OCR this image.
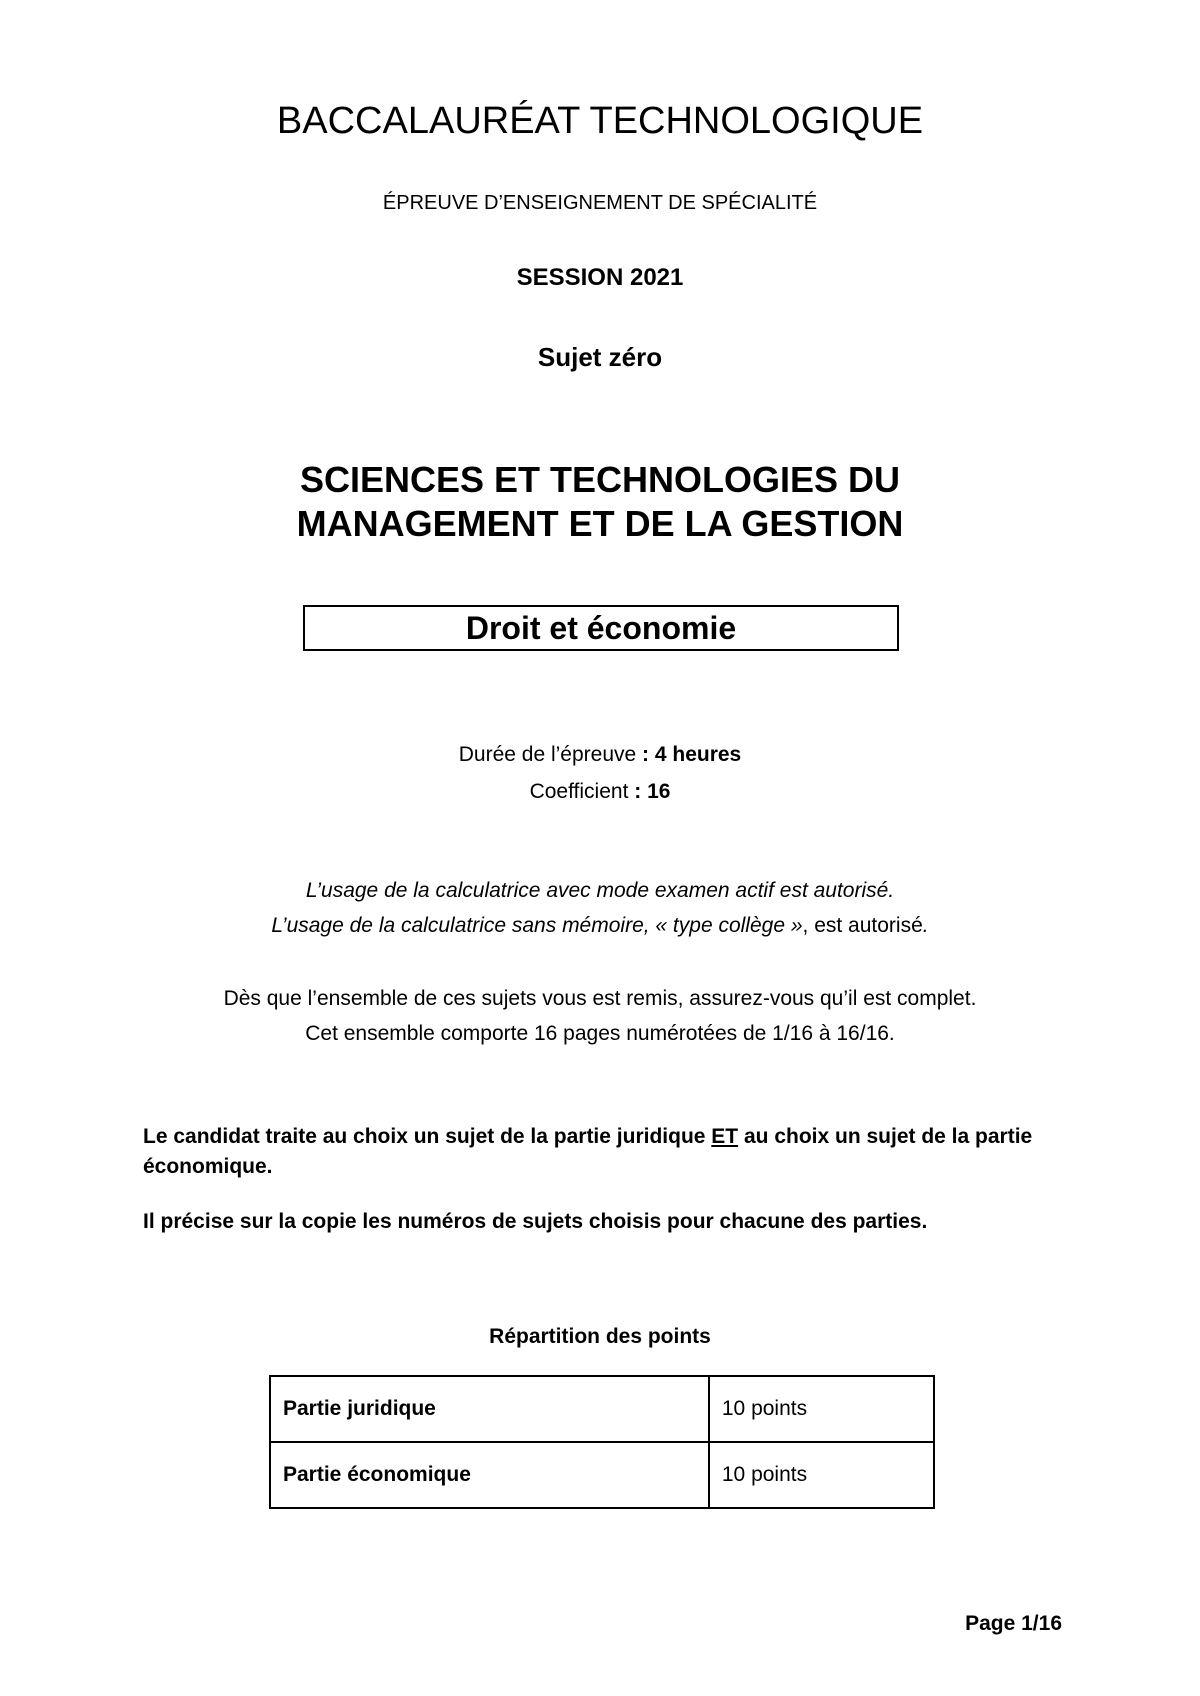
BACCALAURÉAT TECHNOLOGIQUE
ÉPREUVE D’ENSEIGNEMENT DE SPÉCIALITÉ
SESSION 2021
Sujet zéro
SCIENCES ET TECHNOLOGIES DU
MANAGEMENT ET DE LA GESTION
Droit et économie
Durée de l’épreuve : 4 heures
Coefficient : 16
L’usage de la calculatrice avec mode examen actif est autorisé.
L’usage de la calculatrice sans mémoire, « type collège », est autorisé.
Dès que l’ensemble de ces sujets vous est remis, assurez-vous qu’il est complet.
Cet ensemble comporte 16 pages numérotées de 1/16 à 16/16.

Le candidat traite au choix un sujet de la partie juridique ET au choix un sujet de la partie économique.

Il précise sur la copie les numéros de sujets choisis pour chacune des parties.

Répartition des points
Partie juridique	10 points
Partie économique	10 points
Page 1/16
